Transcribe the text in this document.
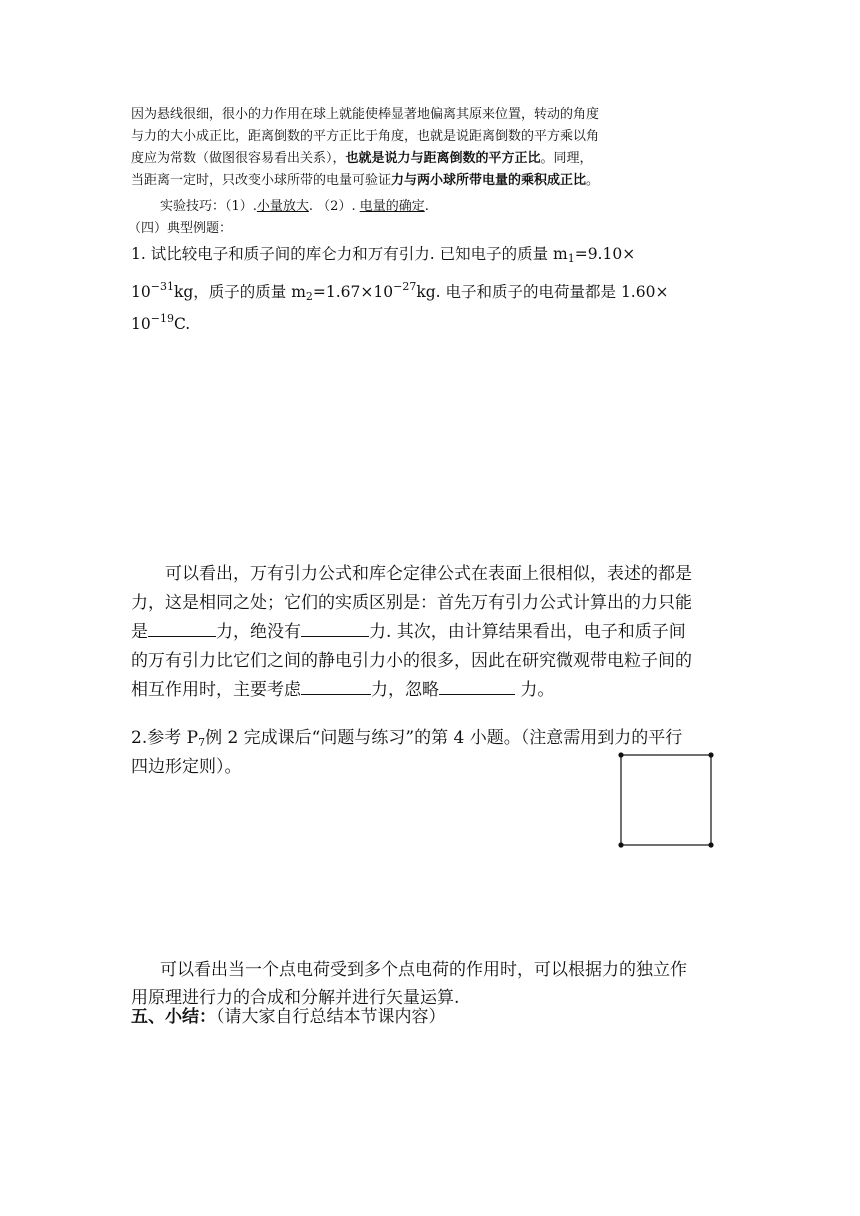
因为悬线很细，很小的力作用在球上就能使棒显著地偏离其原来位置，转动的角度

与力的大小成正比，距离倒数的平方正比于角度，也就是说距离倒数的平方乘以角

度应为常数（做图很容易看出关系），也就是说力与距离倒数的平方正比。同理，

当距离一定时，只改变小球所带的电量可验证力与两小球所带电量的乘积成正比。

实验技巧：（1）.小量放大. （2）. 电量的确定.

（四）典型例题：

1. 试比较电子和质子间的库仑力和万有引力. 已知电子的质量 $m_1=9.10\times$

$10^{-31}kg$，质子的质量 $m_2=1.67\times 10^{-27}kg$. 电子和质子的电荷量都是 1.60×

$10^{-19}C$.

可以看出，万有引力公式和库仑定律公式在表面上很相似，表述的都是

力，这是相同之处；它们的实质区别是：首先万有引力公式计算出的力只能

是	力，绝没有	力. 其次，由计算结果看出，电子和质子间

的万有引力比它们之间的静电引力小的很多，因此在研究微观带电粒子间的

相互作用时，主要考虑	力，忽略	力。

2.参考 $P_7$例 2 完成课后“问题与练习”的第 4 小题。（注意需用到力的平行

四边形定则）。

可以看出当一个点电荷受到多个点电荷的作用时，可以根据力的独立作

用原理进行力的合成和分解并进行矢量运算.

五、小结：（请大家自行总结本节课内容）
